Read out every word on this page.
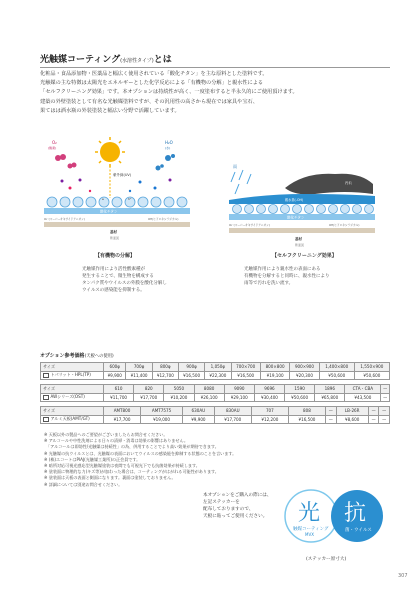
光触媒コーティング(水溶性タイプ)とは

化粧品・食品添加物・医薬品と幅広く使用されている「酸化チタン」を主な原料とした塗料です。

光触媒の主な特徴は太陽光をエネルギーとした化学反応による「有機物の分解」と親水性による

「セルフクリーニング効果」です。本オプションは持続性が高く、一度塗布すると半永久的にご使用頂けます。

建築の外壁塗装として有名な光触媒塗料ですが、その汎用性の高さから現在では家具や宝石、

果てはは酒水瓶の外装塗装と幅広い分野で活躍しています。

紫外線(UV)
O₂
(酸素)
H₂O
(水)
e	h⁺
酸化チタン
O₂⁻(スーパーオキサイドアニオン)	OH(ヒドロキシラジカル)
基材
断面図
【有機物の分解】

光触媒作用により活性酸素種が

発生することで、微生物を構成する

タンパク質やウイルスの外膜を酸化分解し

ウイルスの感染能を抑制する。

雨
汚れ
親水基(-OH)
酸化チタン
O₂⁻(スーパーオキサイドアニオン)	OH(ヒドロキシラジカル)
基材
断面図
【セルフクリーニング効果】

光触媒作用により親水性の表面にある

有機物を分解すると同時に、親水性により

雨等で汚れを洗い流す。

オプション参考価格(天板への使用)
サイズ	600φ	700φ	800φ	900φ	1,050φ	700×700	800×800	900×900	1,400×800	1,550×900
トパリット・HPL(TP)	¥9,900	¥11,400	¥12,700	¥16,500	¥22,300	¥16,500	¥19,100	¥20,300	¥50,600	¥50,600
サイズ	610	820	5050	8080	9090	9696	1590	1896	CTA・CBA	—
AWシリーズ(OST)	¥11,700	¥17,700	¥10,200	¥26,100	¥29,100	¥30,400	¥50,600	¥65,800	¥43,500	—
サイズ	AMT800	AMT7575	630AU	830AU	707	808	—	LB-26R	—	—
アルミ天板(AMT/GT)	¥17,700	¥19,000	¥9,900	¥17,700	¥12,200	¥16,500	—	¥8,600	—	—

※ 天板以外の製品へのご要望がございましたらお問合せください。

※ アルコールや中性洗剤による日々の清掃・消毒は効果の影響はありません。

　「アルコールは即効性/光触媒は持続性」の為、併用することでより高い効果が期待できます。

※ 光触媒の抗ウイルスとは、光触媒の表面においてウイルスの感染能を抑制する状態のことを言います。

※ (株)エコートはPIAJ(光触媒工業所)の正会員です。

※ 暗所対応可視光感応型光触媒塗装は夜間でも可視光下でも抗菌効果が持続します。

※ 塗装面に物理的な力(キズ等)が加わった場合は、コーティングがはがれる可能性があります。

※ 塗装面は天板の表面と側面になります。裏面は塗装しておりません。

※ 詳細については別途お問合せください。

本オプションをご購入の際には、

左記ステッカーを

配布しておりますので、

天板に貼ってご使用ください。 光
触媒コーティング
MVX
抗
菌・ウイルス
(ステッカー原寸大)
307
